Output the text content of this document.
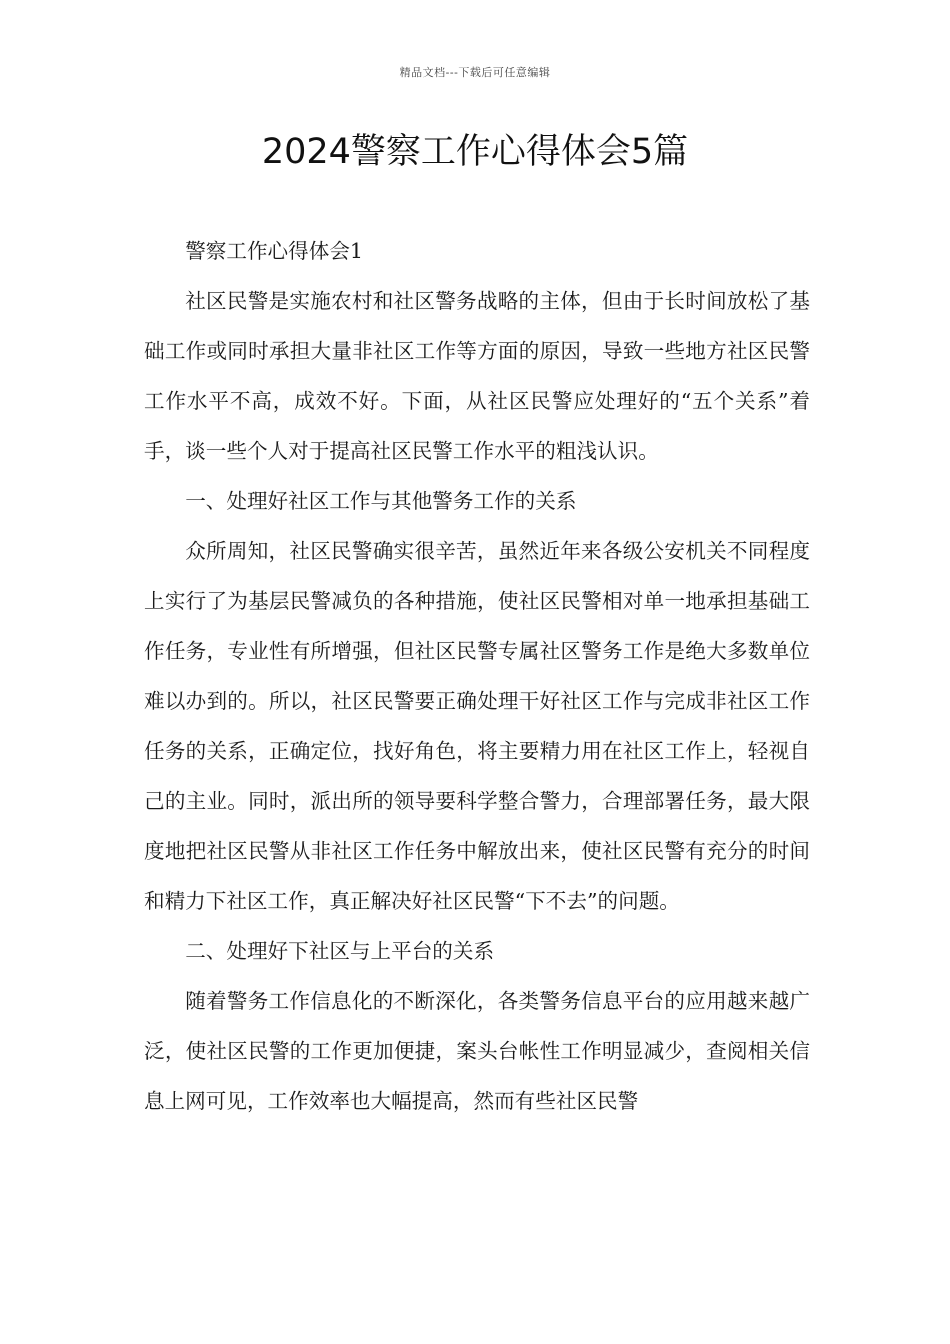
精品文档---下载后可任意编辑
2024警察工作心得体会5篇

警察工作心得体会1

社区民警是实施农村和社区警务战略的主体，但由于长时间放松了基础工作或同时承担大量非社区工作等方面的原因，导致一些地方社区民警工作水平不高，成效不好。下面，从社区民警应处理好的“五个关系”着手，谈一些个人对于提高社区民警工作水平的粗浅认识。

一、处理好社区工作与其他警务工作的关系

众所周知，社区民警确实很辛苦，虽然近年来各级公安机关不同程度上实行了为基层民警减负的各种措施，使社区民警相对单一地承担基础工作任务，专业性有所增强，但社区民警专属社区警务工作是绝大多数单位难以办到的。所以，社区民警要正确处理干好社区工作与完成非社区工作任务的关系，正确定位，找好角色，将主要精力用在社区工作上，轻视自己的主业。同时，派出所的领导要科学整合警力，合理部署任务，最大限度地把社区民警从非社区工作任务中解放出来，使社区民警有充分的时间和精力下社区工作，真正解决好社区民警“下不去”的问题。

二、处理好下社区与上平台的关系

随着警务工作信息化的不断深化，各类警务信息平台的应用越来越广泛，使社区民警的工作更加便捷，案头台帐性工作明显减少，查阅相关信息上网可见，工作效率也大幅提高，然而有些社区民警
